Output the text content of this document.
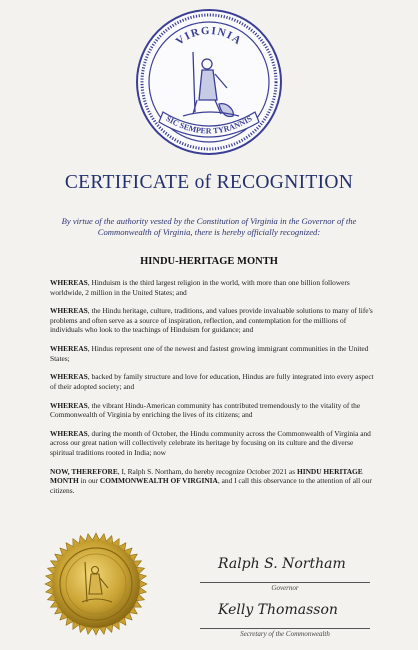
VIRGINIA
SIC SEMPER TYRANNIS
CERTIFICATE of RECOGNITION
By virtue of the authority vested by the Constitution of Virginia in the Governor of the Commonwealth of Virginia, there is hereby officially recognized:
HINDU-HERITAGE MONTH

WHEREAS, Hinduism is the third largest religion in the world, with more than one billion followers worldwide, 2 million in the United States; and

WHEREAS, the Hindu heritage, culture, traditions, and values provide invaluable solutions to many of life's problems and often serve as a source of inspiration, reflection, and contemplation for the millions of individuals who look to the teachings of Hinduism for guidance; and

WHEREAS, Hindus represent one of the newest and fastest growing immigrant communities in the United States;

WHEREAS, backed by family structure and love for education, Hindus are fully integrated into every aspect of their adopted society; and

WHEREAS, the vibrant Hindu-American community has contributed tremendously to the vitality of the Commonwealth of Virginia by enriching the lives of its citizens; and

WHEREAS, during the month of October, the Hindu community across the Commonwealth of Virginia and across our great nation will collectively celebrate its heritage by focusing on its culture and the diverse spiritual traditions rooted in India; now

NOW, THEREFORE, I, Ralph S. Northam, do hereby recognize October 2021 as HINDU HERITAGE MONTH in our COMMONWEALTH OF VIRGINIA, and I call this observance to the attention of all our citizens.

Ralph S. Northam
Governor
Kelly Thomasson
Secretary of the Commonwealth
